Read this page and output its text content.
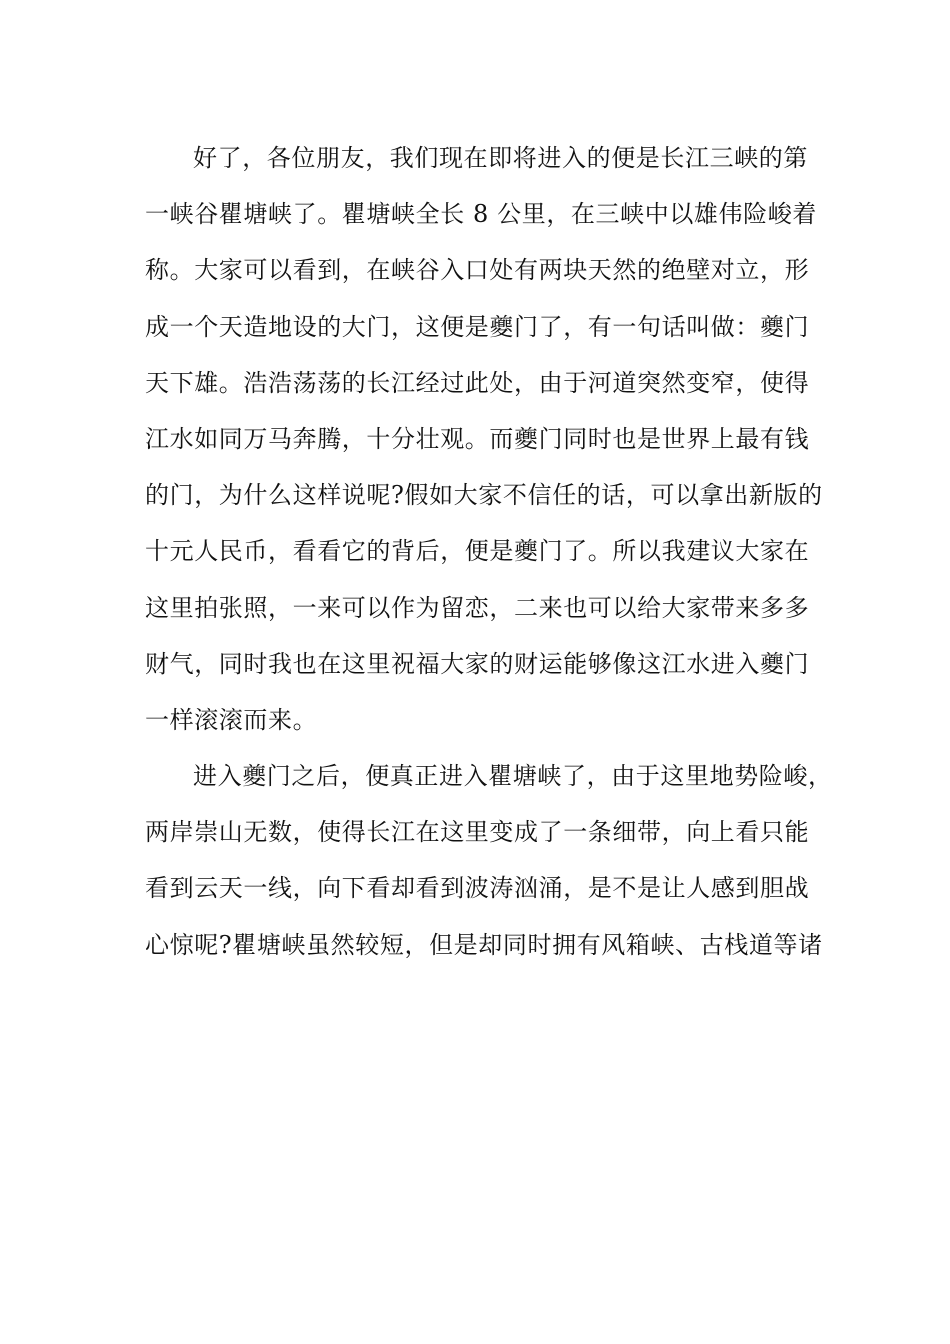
好了，各位朋友，我们现在即将进入的便是长江三峡的第
一峡谷瞿塘峡了。瞿塘峡全长 8 公里，在三峡中以雄伟险峻着
称。大家可以看到，在峡谷入口处有两块天然的绝壁对立，形
成一个天造地设的大门，这便是夔门了，有一句话叫做：夔门
天下雄。浩浩荡荡的长江经过此处，由于河道突然变窄，使得
江水如同万马奔腾，十分壮观。而夔门同时也是世界上最有钱
的门，为什么这样说呢?假如大家不信任的话，可以拿出新版的
十元人民币，看看它的背后，便是夔门了。所以我建议大家在
这里拍张照，一来可以作为留恋，二来也可以给大家带来多多
财气，同时我也在这里祝福大家的财运能够像这江水进入夔门
一样滚滚而来。
进入夔门之后，便真正进入瞿塘峡了，由于这里地势险峻，
两岸崇山无数，使得长江在这里变成了一条细带，向上看只能
看到云天一线，向下看却看到波涛汹涌，是不是让人感到胆战
心惊呢?瞿塘峡虽然较短，但是却同时拥有风箱峡、古栈道等诸
